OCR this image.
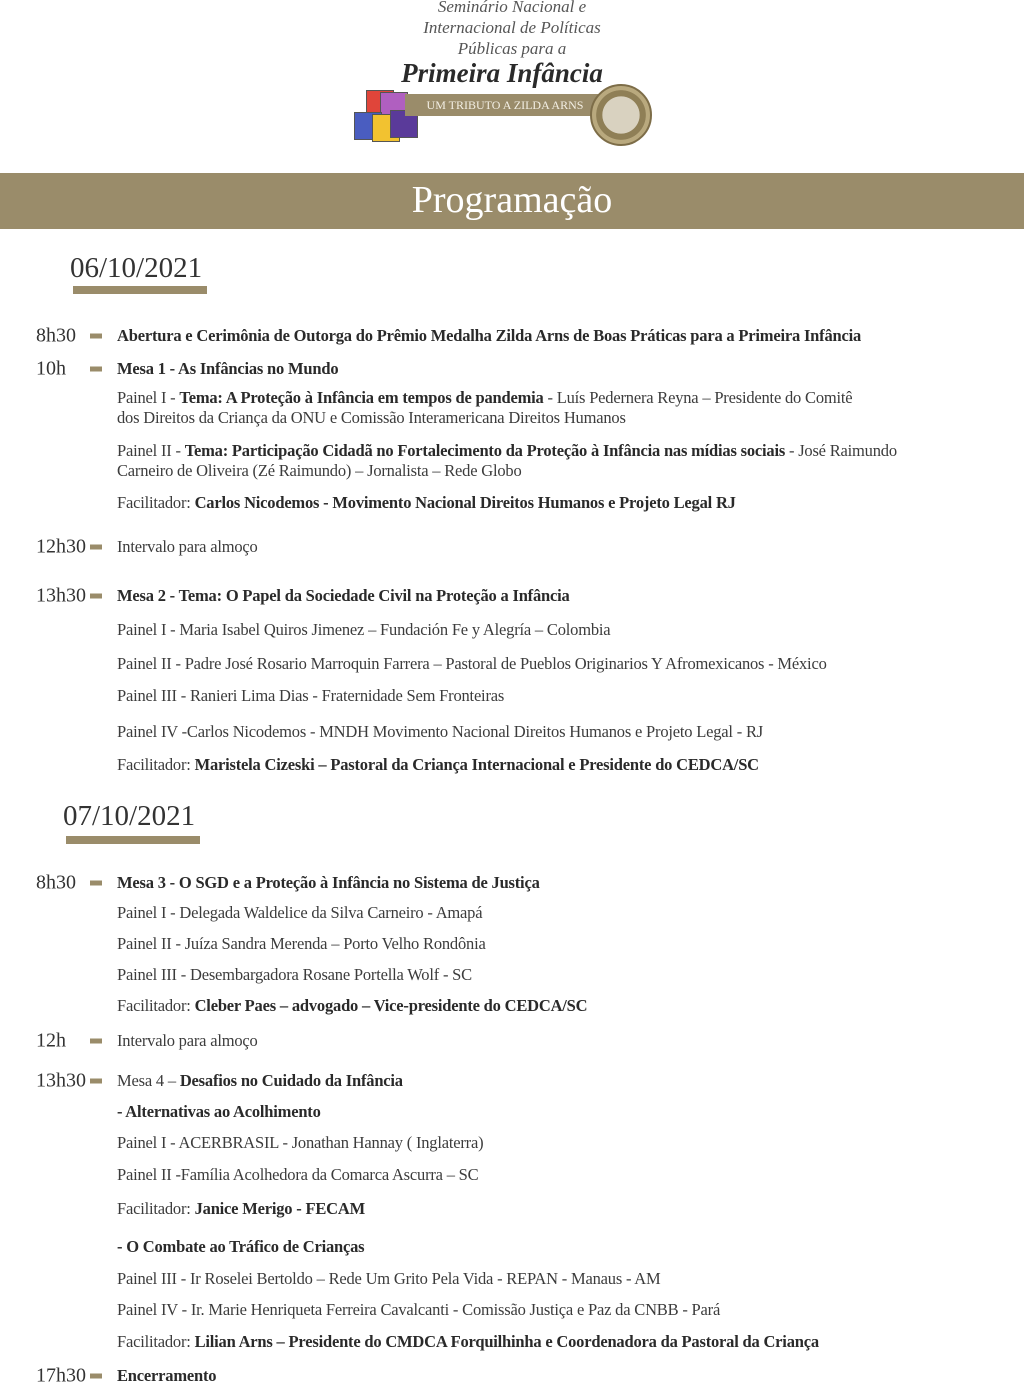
Seminário Nacional e
Internacional de Políticas
Públicas para a
Primeira Infância
UM TRIBUTO A ZILDA ARNS
Programação
06/10/2021
8h30 Abertura e Cerimônia de Outorga do Prêmio Medalha Zilda Arns de Boas Práticas para a Primeira Infância
10h	Mesa 1 - As Infâncias no Mundo
Painel I - Tema: A Proteção à Infância em tempos de pandemia - Luís Pedernera Reyna – Presidente do Comitê
dos Direitos da Criança da ONU e Comissão Interamericana Direitos Humanos
Painel II - Tema: Participação Cidadã no Fortalecimento da Proteção à Infância nas mídias sociais - José Raimundo
Carneiro de Oliveira (Zé Raimundo) – Jornalista – Rede Globo
Facilitador: Carlos Nicodemos - Movimento Nacional Direitos Humanos e Projeto Legal RJ
12h30 Intervalo para almoço
13h30 Mesa 2 - Tema: O Papel da Sociedade Civil na Proteção a Infância
Painel I - Maria Isabel Quiros Jimenez – Fundación Fe y Alegría – Colombia
Painel II - Padre José Rosario Marroquin Farrera – Pastoral de Pueblos Originarios Y Afromexicanos - México
Painel III - Ranieri Lima Dias - Fraternidade Sem Fronteiras
Painel IV -Carlos Nicodemos - MNDH Movimento Nacional Direitos Humanos e Projeto Legal - RJ
Facilitador: Maristela Cizeski – Pastoral da Criança Internacional e Presidente do CEDCA/SC
07/10/2021
8h30 Mesa 3 - O SGD e a Proteção à Infância no Sistema de Justiça
Painel I - Delegada Waldelice da Silva Carneiro - Amapá
Painel II - Juíza Sandra Merenda – Porto Velho Rondônia
Painel III - Desembargadora Rosane Portella Wolf - SC
Facilitador: Cleber Paes – advogado – Vice-presidente do CEDCA/SC
12h	Intervalo para almoço
13h30 Mesa 4 – Desafios no Cuidado da Infância
- Alternativas ao Acolhimento
Painel I - ACERBRASIL - Jonathan Hannay ( Inglaterra)
Painel II -Família Acolhedora da Comarca Ascurra – SC
Facilitador: Janice Merigo - FECAM
- O Combate ao Tráfico de Crianças
Painel III - Ir Roselei Bertoldo – Rede Um Grito Pela Vida - REPAN - Manaus - AM
Painel IV - Ir. Marie Henriqueta Ferreira Cavalcanti - Comissão Justiça e Paz da CNBB - Pará
Facilitador: Lilian Arns – Presidente do CMDCA Forquilhinha e Coordenadora da Pastoral da Criança
17h30 Encerramento
